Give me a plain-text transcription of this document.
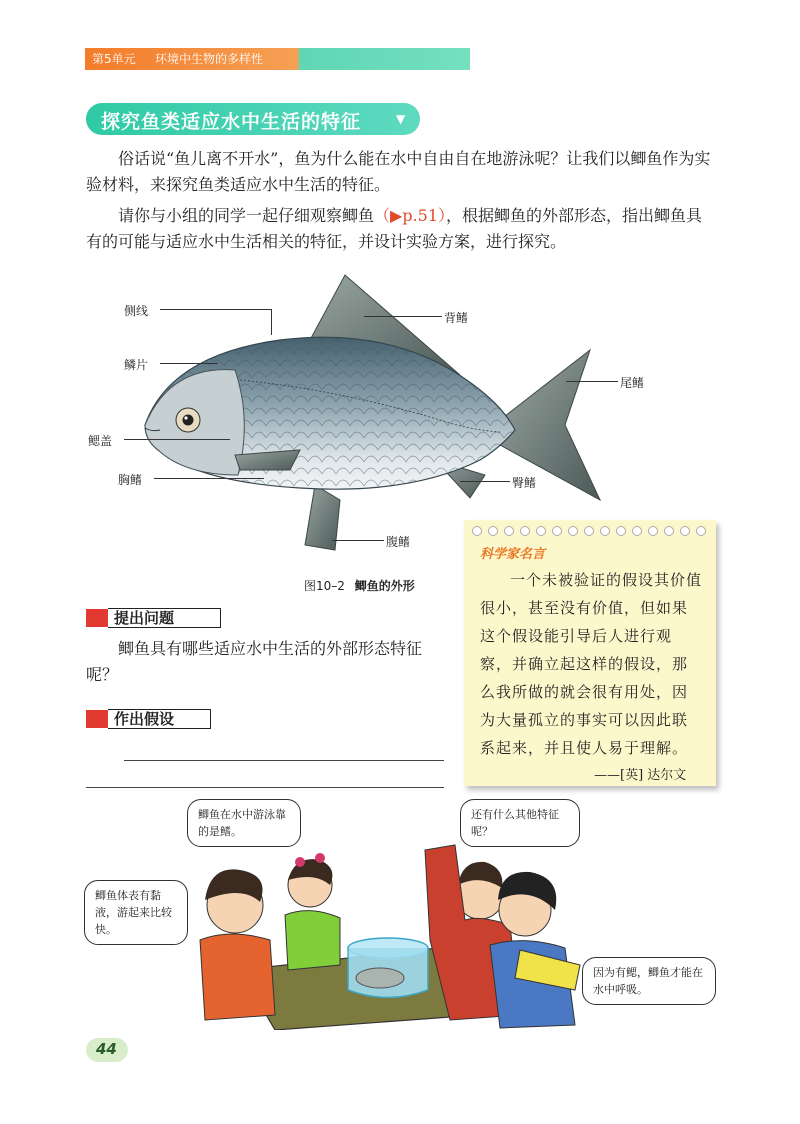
第5单元 环境中生物的多样性
探究鱼类适应水中生活的特征	▼

俗话说“鱼儿离不开水”，鱼为什么能在水中自由自在地游泳呢？让我们以鲫鱼作为实验材料，来探究鱼类适应水中生活的特征。

请你与小组的同学一起仔细观察鲫鱼（▶p.51），根据鲫鱼的外部形态，指出鲫鱼具有的可能与适应水中生活相关的特征，并设计实验方案，进行探究。

侧线
鳞片
鳃盖
胸鳍
背鳍
尾鳍
臀鳍
腹鳍
图10–2 鲫鱼的外形
提出问题

鲫鱼具有哪些适应水中生活的外部形态特征呢？

作出假设
科学家名言

一个未被验证的假设其价值很小，甚至没有价值，但如果这个假设能引导后人进行观察，并确立起这样的假设，那么我所做的就会很有用处，因为大量孤立的事实可以因此联系起来，并且使人易于理解。

——[英] 达尔文
鲫鱼在水中游泳靠的是鳍。
还有什么其他特征呢？
鲫鱼体表有黏液，游起来比较快。
因为有鳃，鲫鱼才能在水中呼吸。
44
